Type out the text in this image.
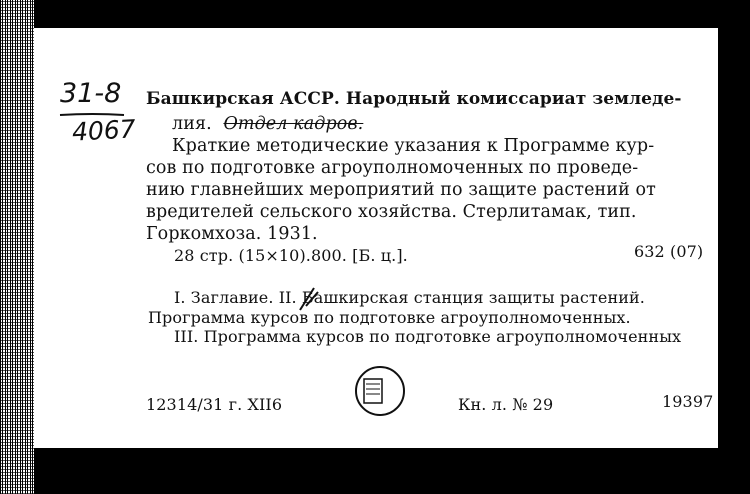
31-8
4067
Башкирская АССР. Народный комиссариат земледе-
лия. Отдел кадров.
Краткие методические указания к Программе кур-
сов по подготовке агроуполномоченных по проведе-
нию главнейших мероприятий по защите растений от
вредителей сельского хозяйства. Стерлитамак, тип.
Горкомхоза. 1931.
28 стр. (15×10).800. [Б. ц.].	632 (07)
I. Заглавие. II. Башкирская станция защиты растений.
Программа курсов по подготовке агроуполномоченных.
III. Программа курсов по подготовке агроуполномоченных
12314/31 г. XII6	Кн. л. № 29	19397
